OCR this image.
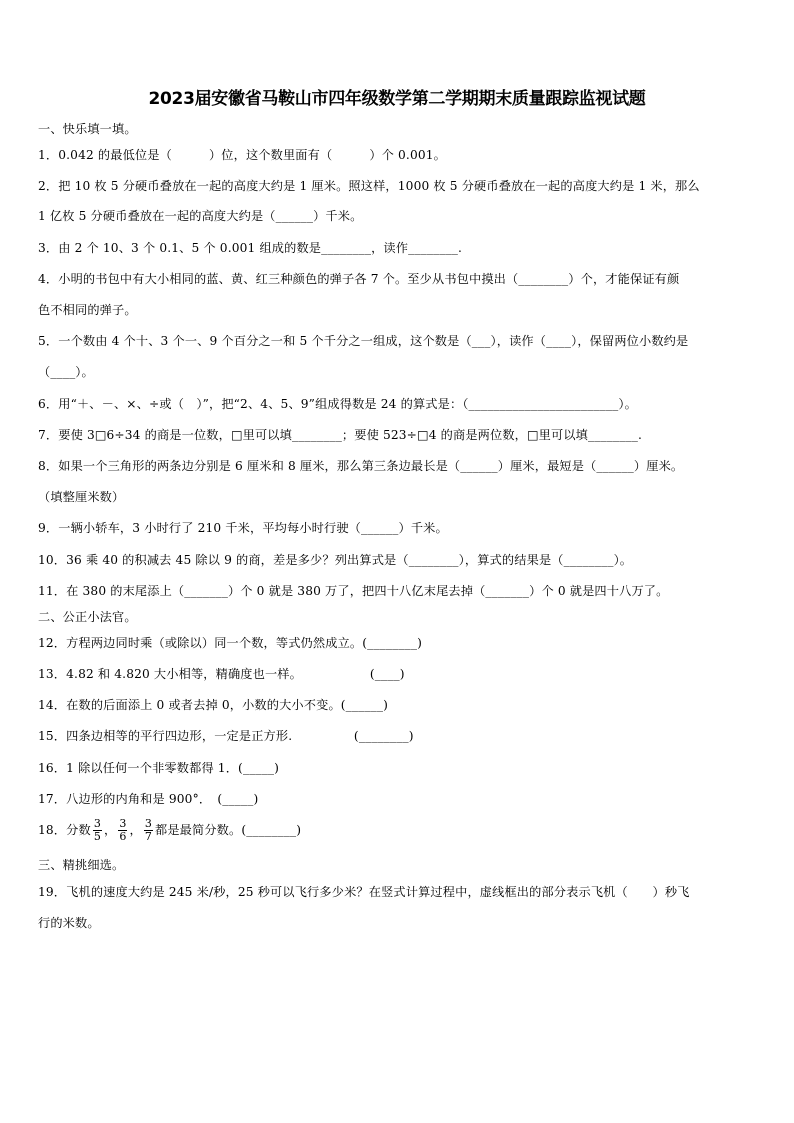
2023届安徽省马鞍山市四年级数学第二学期期末质量跟踪监视试题
一、快乐填一填。
1．0.042 的最低位是（　　　）位，这个数里面有（　　　）个 0.001。
2．把 10 枚 5 分硬币叠放在一起的高度大约是 1 厘米。照这样，1000 枚 5 分硬币叠放在一起的高度大约是 1 米，那么
1 亿枚 5 分硬币叠放在一起的高度大约是（______）千米。
3．由 2 个 10、3 个 0.1、5 个 0.001 组成的数是________，读作________.
4．小明的书包中有大小相同的蓝、黄、红三种颜色的弹子各 7 个。至少从书包中摸出（________）个，才能保证有颜
色不相同的弹子。
5．一个数由 4 个十、3 个一、9 个百分之一和 5 个千分之一组成，这个数是（___），读作（____），保留两位小数约是
（____）。
6．用“＋、－、×、÷或（　）”，把“2、4、5、9”组成得数是 24 的算式是：（________________________）。
7．要使 3□6÷34 的商是一位数，□里可以填________；要使 523÷□4 的商是两位数，□里可以填________.
8．如果一个三角形的两条边分别是 6 厘米和 8 厘米，那么第三条边最长是（______）厘米，最短是（______）厘米。
（填整厘米数）
9．一辆小轿车，3 小时行了 210 千米，平均每小时行驶（______）千米。
10．36 乘 40 的积减去 45 除以 9 的商，差是多少？列出算式是（________），算式的结果是（________）。
11．在 380 的末尾添上（_______）个 0 就是 380 万了，把四十八亿末尾去掉（_______）个 0 就是四十八万了。
二、公正小法官。
12．方程两边同时乘（或除以）同一个数，等式仍然成立。(________)
13．4.82 和 4.820 大小相等，精确度也一样。　　　　　　(____)
14．在数的后面添上 0 或者去掉 0，小数的大小不变。(______)
15．四条边相等的平行四边形，一定是正方形.　　　　　(________)
16．1 除以任何一个非零数都得 1．(_____)
17．八边形的内角和是 900°．　(_____)
18．分数 $\frac{3}{5}$ ， $\frac{3}{6}$ ， $\frac{3}{7}$ 都是最简分数。(________)
三、精挑细选。
19．飞机的速度大约是 245 米/秒，25 秒可以飞行多少米？在竖式计算过程中，虚线框出的部分表示飞机（　　）秒飞
行的米数。
